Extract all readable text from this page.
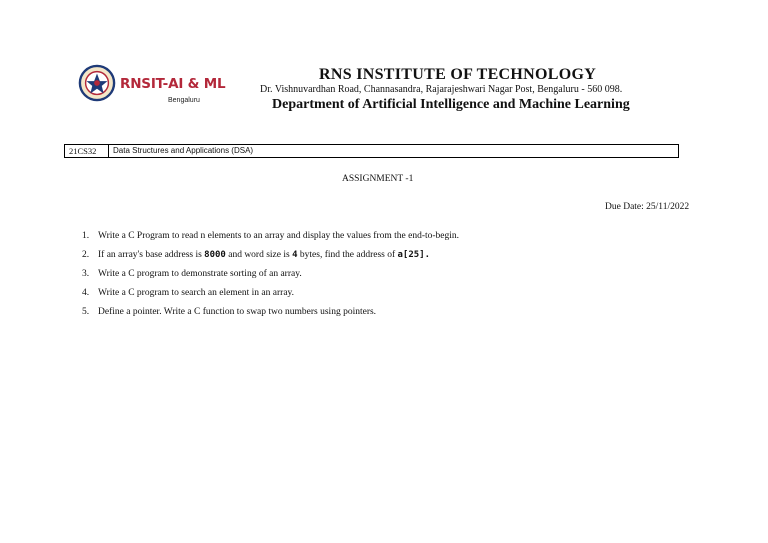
RNSIT-AI & ML
Bengaluru
RNS INSTITUTE OF TECHNOLOGY
Dr. Vishnuvardhan Road, Channasandra, Rajarajeshwari Nagar Post, Bengaluru - 560 098.
Department of Artificial Intelligence and Machine Learning
21CS32 Data Structures and Applications (DSA)
ASSIGNMENT -1
Due Date: 25/11/2022
1. Write a C Program to read n elements to an array and display the values from the end-to-begin.
2. If an array's base address is 8000 and word size is 4 bytes, find the address of a[25].
3. Write a C program to demonstrate sorting of an array.
4. Write a C program to search an element in an array.
5. Define a pointer. Write a C function to swap two numbers using pointers.
